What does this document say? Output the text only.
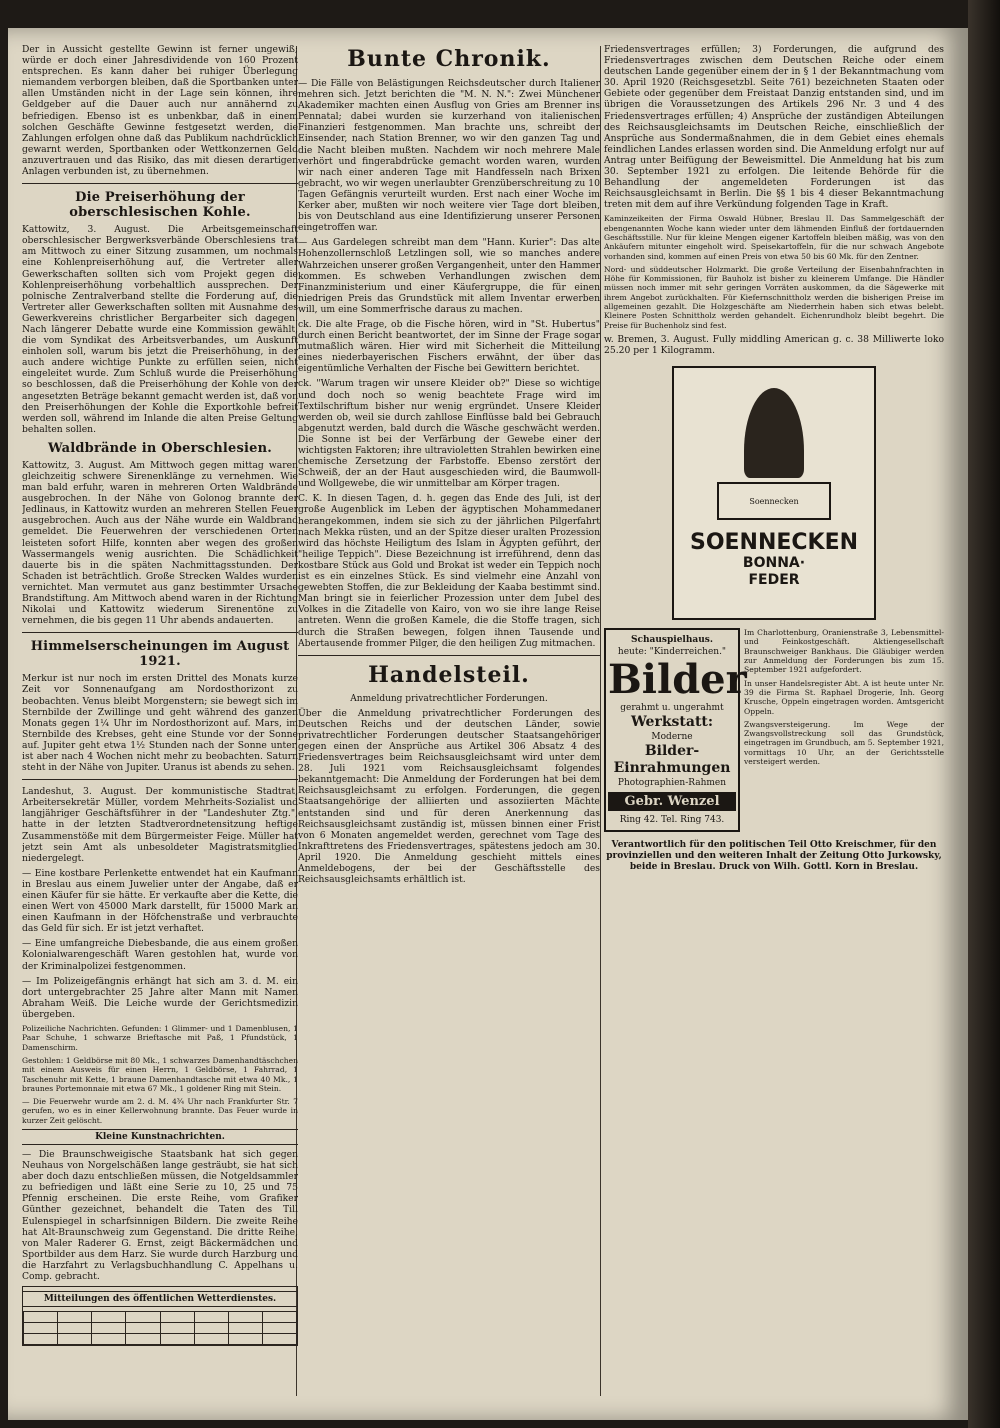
Der in Aussicht gestellte Gewinn ist ferner ungewiß; würde er doch einer Jahresdividende von 160 Prozent entsprechen. Es kann daher bei ruhiger Überlegung niemandem verborgen bleiben, daß die Sportbanken unter allen Umständen nicht in der Lage sein können, ihre Geldgeber auf die Dauer auch nur annähernd zu befriedigen. Ebenso ist es unbenkbar, daß in einem solchen Geschäfte Gewinne festgesetzt werden, die Zahlungen erfolgen ohne daß das Publikum nachdrücklich gewarnt werden, Sportbanken oder Wettkonzernen Geld anzuvertrauen und das Risiko, das mit diesen derartigen Anlagen verbunden ist, zu übernehmen.

Die Preiserhöhung der oberschlesischen Kohle.

Kattowitz, 3. August. Die Arbeitsgemeinschaft oberschlesischer Bergwerksverbände Oberschlesiens trat am Mittwoch zu einer Sitzung zusammen, um nochmals eine Kohlenpreiserhöhung auf, die Vertreter aller Gewerkschaften sollten sich vom Projekt gegen die Kohlenpreiserhöhung vorbehaltlich aussprechen. Der polnische Zentralverband stellte die Forderung auf, die Vertreter aller Gewerkschaften sollten mit Ausnahme des Gewerkvereins christlicher Bergarbeiter sich dagegen. Nach längerer Debatte wurde eine Kommission gewählt, die vom Syndikat des Arbeitsverbandes, um Auskunft einholen soll, warum bis jetzt die Preiserhöhung, in der auch andere wichtige Punkte zu erfüllen seien, nicht eingeleitet wurde. Zum Schluß wurde die Preiserhöhung so beschlossen, daß die Preiserhöhung der Kohle von der angesetzten Beträge bekannt gemacht werden ist, daß von den Preiserhöhungen der Kohle die Exportkohle befreit werden soll, während im Inlande die alten Preise Geltung behalten sollen.

Waldbrände in Oberschlesien.

Kattowitz, 3. August. Am Mittwoch gegen mittag waren gleichzeitig schwere Sirenenklänge zu vernehmen. Wie man bald erfuhr, waren in mehreren Orten Waldbrände ausgebrochen. In der Nähe von Golonog brannte der Jedlinaus, in Kattowitz wurden an mehreren Stellen Feuer ausgebrochen. Auch aus der Nähe wurde ein Waldbrand gemeldet. Die Feuerwehren der verschiedenen Orten leisteten sofort Hilfe, konnten aber wegen des großen Wassermangels wenig ausrichten. Die Schädlichkeit dauerte bis in die späten Nachmittagsstunden. Der Schaden ist beträchtlich. Große Strecken Waldes wurden vernichtet. Man vermutet aus ganz bestimmter Ursache Brandstiftung. Am Mittwoch abend waren in der Richtung Nikolai und Kattowitz wiederum Sirenentöne zu vernehmen, die bis gegen 11 Uhr abends andauerten.

Himmelserscheinungen im August 1921.

Merkur ist nur noch im ersten Drittel des Monats kurze Zeit vor Sonnenaufgang am Nordosthorizont zu beobachten. Venus bleibt Morgenstern; sie bewegt sich im Sternbilde der Zwillinge und geht während des ganzen Monats gegen 1¼ Uhr im Nordosthorizont auf. Mars, im Sternbilde des Krebses, geht eine Stunde vor der Sonne auf. Jupiter geht etwa 1½ Stunden nach der Sonne unter, ist aber nach 4 Wochen nicht mehr zu beobachten. Saturn steht in der Nähe von Jupiter. Uranus ist abends zu sehen.

Landeshut, 3. August. Der kommunistische Stadtrat, Arbeitersekretär Müller, vordem Mehrheits-Sozialist und langjähriger Geschäftsführer in der "Landeshuter Ztg.", hatte in der letzten Stadtverordnetensitzung heftige Zusammenstöße mit dem Bürgermeister Feige. Müller hat jetzt sein Amt als unbesoldeter Magistratsmitglied niedergelegt.

— Eine kostbare Perlenkette entwendet hat ein Kaufmann in Breslau aus einem Juwelier unter der Angabe, daß er einen Käufer für sie hätte. Er verkaufte aber die Kette, die einen Wert von 45000 Mark darstellt, für 15000 Mark an einen Kaufmann in der Höfchenstraße und verbrauchte das Geld für sich. Er ist jetzt verhaftet.

— Eine umfangreiche Diebesbande, die aus einem großen Kolonialwarengeschäft Waren gestohlen hat, wurde von der Kriminalpolizei festgenommen.

— Im Polizeigefängnis erhängt hat sich am 3. d. M. ein dort untergebrachter 25 Jahre alter Mann mit Namen Abraham Weiß. Die Leiche wurde der Gerichtsmedizin übergeben.

Polizeiliche Nachrichten. Gefunden: 1 Glimmer- und 1 Damenblusen, 1 Paar Schuhe, 1 schwarze Brieftasche mit Paß, 1 Pfundstück, 1 Damenschirm.

Gestohlen: 1 Geldbörse mit 80 Mk., 1 schwarzes Damenhandtäschchen mit einem Ausweis für einen Herrn, 1 Geldbörse, 1 Fahrrad, 1 Taschenuhr mit Kette, 1 braune Damenhandtasche mit etwa 40 Mk., 1 braunes Portemonnaie mit etwa 67 Mk., 1 goldener Ring mit Stein.

— Die Feuerwehr wurde am 2. d. M. 4¾ Uhr nach Frankfurter Str. 7 gerufen, wo es in einer Kellerwohnung brannte. Das Feuer wurde in kurzer Zeit gelöscht.

Kleine Kunstnachrichten.

— Die Braunschweigische Staatsbank hat sich gegen Neuhaus von Norgelschäßen lange gesträubt, sie hat sich aber doch dazu entschließen müssen, die Notgeldsammler zu befriedigen und läßt eine Serie zu 10, 25 und 75 Pfennig erscheinen. Die erste Reihe, vom Grafiker Günther gezeichnet, behandelt die Taten des Till Eulenspiegel in scharfsinnigen Bildern. Die zweite Reihe hat Alt-Braunschweig zum Gegenstand. Die dritte Reihe, von Maler Raderer G. Ernst, zeigt Bäckermädchen und Sportbilder aus dem Harz. Sie wurde durch Harzburg und die Harzfahrt zu Verlagsbuchhandlung C. Appelhans u. Comp. gebracht.

Mitteilungen des öffentlichen Wetterdienstes.

Bunte Chronik.

— Die Fälle von Belästigungen Reichsdeutscher durch Italiener mehren sich. Jetzt berichten die "M. N. N.": Zwei Münchener Akademiker machten einen Ausflug von Gries am Brenner ins Pennatal; dabei wurden sie kurzerhand von italienischen Finanzieri festgenommen. Man brachte uns, schreibt der Einsender, nach Station Brenner, wo wir den ganzen Tag und die Nacht bleiben mußten. Nachdem wir noch mehrere Male verhört und fingerabdrücke gemacht worden waren, wurden wir nach einer anderen Tage mit Handfesseln nach Brixen gebracht, wo wir wegen unerlaubter Grenzüberschreitung zu 10 Tagen Gefängnis verurteilt wurden. Erst nach einer Woche im Kerker aber, mußten wir noch weitere vier Tage dort bleiben, bis von Deutschland aus eine Identifizierung unserer Personen eingetroffen war.

— Aus Gardelegen schreibt man dem "Hann. Kurier": Das alte Hohenzollernschloß Letzlingen soll, wie so manches andere Wahrzeichen unserer großen Vergangenheit, unter den Hammer kommen. Es schweben Verhandlungen zwischen dem Finanzministerium und einer Käufergruppe, die für einen niedrigen Preis das Grundstück mit allem Inventar erwerben will, um eine Sommerfrische daraus zu machen.

ck. Die alte Frage, ob die Fische hören, wird in "St. Hubertus" durch einen Bericht beantwortet, der im Sinne der Frage sogar mutmaßlich wären. Hier wird mit Sicherheit die Mitteilung eines niederbayerischen Fischers erwähnt, der über das eigentümliche Verhalten der Fische bei Gewittern berichtet.

ck. "Warum tragen wir unsere Kleider ob?" Diese so wichtige und doch noch so wenig beachtete Frage wird im Textilschriftum bisher nur wenig ergründet. Unsere Kleider werden ob, weil sie durch zahllose Einflüsse bald bei Gebrauch abgenutzt werden, bald durch die Wäsche geschwächt werden. Die Sonne ist bei der Verfärbung der Gewebe einer der wichtigsten Faktoren; ihre ultravioletten Strahlen bewirken eine chemische Zersetzung der Farbstoffe. Ebenso zerstört der Schweiß, der an der Haut ausgeschieden wird, die Baumwoll- und Wollgewebe, die wir unmittelbar am Körper tragen.

C. K. In diesen Tagen, d. h. gegen das Ende des Juli, ist der große Augenblick im Leben der ägyptischen Mohammedaner herangekommen, indem sie sich zu der jährlichen Pilgerfahrt nach Mekka rüsten, und an der Spitze dieser uralten Prozession wird das höchste Heiligtum des Islam in Ägypten geführt, der "heilige Teppich". Diese Bezeichnung ist irreführend, denn das kostbare Stück aus Gold und Brokat ist weder ein Teppich noch ist es ein einzelnes Stück. Es sind vielmehr eine Anzahl von gewebten Stoffen, die zur Bekleidung der Kaaba bestimmt sind. Man bringt sie in feierlicher Prozession unter dem Jubel des Volkes in die Zitadelle von Kairo, von wo sie ihre lange Reise antreten. Wenn die großen Kamele, die die Stoffe tragen, sich durch die Straßen bewegen, folgen ihnen Tausende und Abertausende frommer Pilger, die den heiligen Zug mitmachen.

Handelsteil.
Anmeldung privatrechtlicher Forderungen.

Über die Anmeldung privatrechtlicher Forderungen des Deutschen Reichs und der deutschen Länder, sowie privatrechtlicher Forderungen deutscher Staatsangehöriger gegen einen der Ansprüche aus Artikel 306 Absatz 4 des Friedensvertrages beim Reichsausgleichsamt wird unter dem 28. Juli 1921 vom Reichsausgleichsamt folgendes bekanntgemacht: Die Anmeldung der Forderungen hat bei dem Reichsausgleichsamt zu erfolgen. Forderungen, die gegen Staatsangehörige der alliierten und assoziierten Mächte entstanden sind und für deren Anerkennung das Reichsausgleichsamt zuständig ist, müssen binnen einer Frist von 6 Monaten angemeldet werden, gerechnet vom Tage des Inkrafttretens des Friedensvertrages, spätestens jedoch am 30. April 1920. Die Anmeldung geschieht mittels eines Anmeldebogens, der bei der Geschäftsstelle des Reichsausgleichsamts erhältlich ist.

Friedensvertrages erfüllen; 3) Forderungen, die aufgrund des Friedensvertrages zwischen dem Deutschen Reiche oder einem deutschen Lande gegenüber einem der in § 1 der Bekanntmachung vom 30. April 1920 (Reichsgesetzbl. Seite 761) bezeichneten Staaten oder Gebiete oder gegenüber dem Freistaat Danzig entstanden sind, und im übrigen die Voraussetzungen des Artikels 296 Nr. 3 und 4 des Friedensvertrages erfüllen; 4) Ansprüche der zuständigen Abteilungen des Reichsausgleichsamts im Deutschen Reiche, einschließlich der Ansprüche aus Sondermaßnahmen, die in dem Gebiet eines ehemals feindlichen Landes erlassen worden sind. Die Anmeldung erfolgt nur auf Antrag unter Beifügung der Beweismittel. Die Anmeldung hat bis zum 30. September 1921 zu erfolgen. Die leitende Behörde für die Behandlung der angemeldeten Forderungen ist das Reichsausgleichsamt in Berlin. Die §§ 1 bis 4 dieser Bekanntmachung treten mit dem auf ihre Verkündung folgenden Tage in Kraft.

Kaminzeikeiten der Firma Oswald Hübner, Breslau II. Das Sammelgeschäft der ebengenannten Woche kann wieder unter dem lähmenden Einfluß der fortdauernden Geschäftsstille. Nur für kleine Mengen eigener Kartoffeln bleiben mäßig, was von den Ankäufern mitunter eingeholt wird. Speisekartoffeln, für die nur schwach Angebote vorhanden sind, kommen auf einen Preis von etwa 50 bis 60 Mk. für den Zentner.

Nord- und süddeutscher Holzmarkt. Die große Verteilung der Eisenbahnfrachten in Höhe für Kommissionen, für Bauholz ist bisher zu kleinerem Umfange. Die Händler müssen noch immer mit sehr geringen Vorräten auskommen, da die Sägewerke mit ihrem Angebot zurückhalten. Für Kiefernschnittholz werden die bisherigen Preise im allgemeinen gezahlt. Die Holzgeschäfte am Niederrhein haben sich etwas belebt. Kleinere Posten Schnittholz werden gehandelt. Eichenrundholz bleibt begehrt. Die Preise für Buchenholz sind fest.

w. Bremen, 3. August. Fully middling American g. c. 38 Milliwerte loko 25.20 per 1 Kilogramm.

Soennecken
SOENNECKEN
BONNA·
FEDER
Schauspielhaus.
heute: "Kinderreichen."
Bilder
gerahmt u. ungerahmt
Werkstatt:
Moderne
Bilder-
Einrahmungen
Photographien-Rahmen
Gebr. Wenzel
Ring 42. Tel. Ring 743.

Im Charlottenburg, Oranienstraße 3, Lebensmittel- und Feinkostgeschäft. Aktiengesellschaft Braunschweiger Bankhaus. Die Gläubiger werden zur Anmeldung der Forderungen bis zum 15. September 1921 aufgefordert.

In unser Handelsregister Abt. A ist heute unter Nr. 39 die Firma St. Raphael Drogerie, Inh. Georg Krusche, Oppeln eingetragen worden. Amtsgericht Oppeln.

Zwangsversteigerung. Im Wege der Zwangsvollstreckung soll das Grundstück, eingetragen im Grundbuch, am 5. September 1921, vormittags 10 Uhr, an der Gerichtsstelle versteigert werden.

Verantwortlich für den politischen Teil Otto Kreischmer, für den provinziellen und den weiteren Inhalt der Zeitung Otto Jurkowsky, beide in Breslau. Druck von Wilh. Gottl. Korn in Breslau.
